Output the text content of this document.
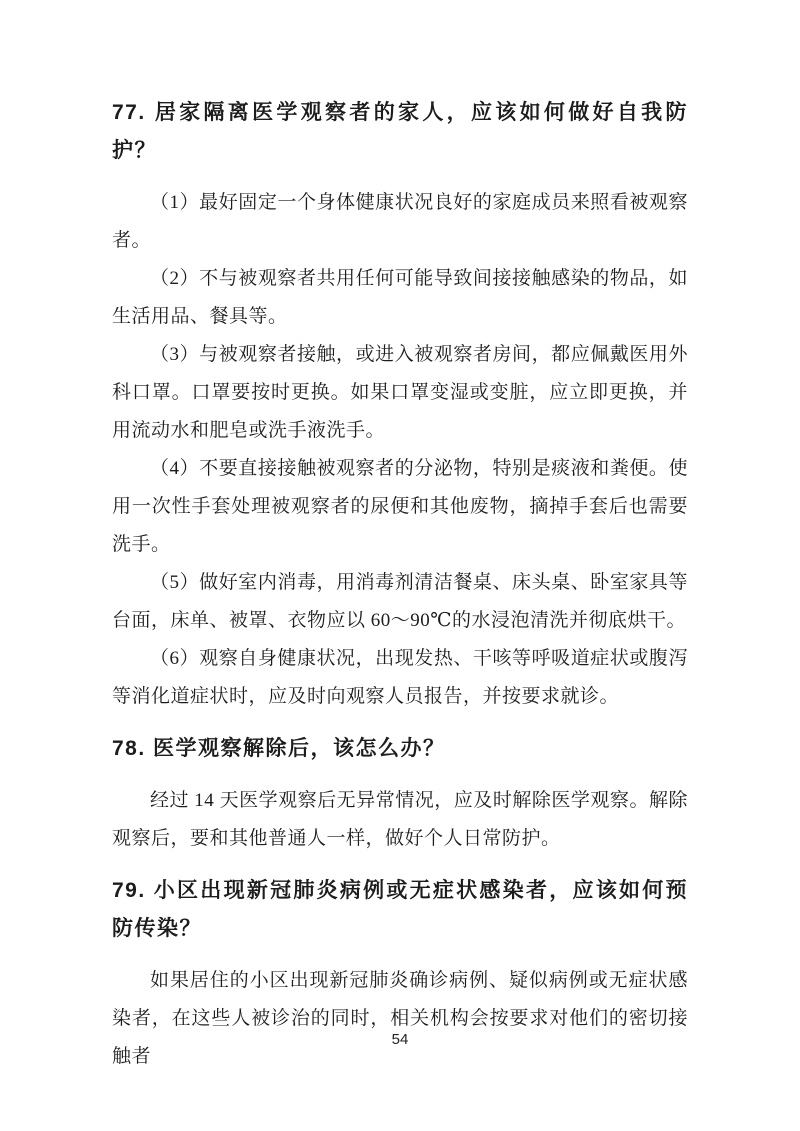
77. 居家隔离医学观察者的家人，应该如何做好自我防护？

（1）最好固定一个身体健康状况良好的家庭成员来照看被观察者。

（2）不与被观察者共用任何可能导致间接接触感染的物品，如生活用品、餐具等。

（3）与被观察者接触，或进入被观察者房间，都应佩戴医用外科口罩。口罩要按时更换。如果口罩变湿或变脏，应立即更换，并用流动水和肥皂或洗手液洗手。

（4）不要直接接触被观察者的分泌物，特别是痰液和粪便。使用一次性手套处理被观察者的尿便和其他废物，摘掉手套后也需要洗手。

（5）做好室内消毒，用消毒剂清洁餐桌、床头桌、卧室家具等台面，床单、被罩、衣物应以 60～90℃的水浸泡清洗并彻底烘干。

（6）观察自身健康状况，出现发热、干咳等呼吸道症状或腹泻等消化道症状时，应及时向观察人员报告，并按要求就诊。

78. 医学观察解除后，该怎么办？

经过 14 天医学观察后无异常情况，应及时解除医学观察。解除观察后，要和其他普通人一样，做好个人日常防护。

79. 小区出现新冠肺炎病例或无症状感染者，应该如何预防传染？

如果居住的小区出现新冠肺炎确诊病例、疑似病例或无症状感染者，在这些人被诊治的同时，相关机构会按要求对他们的密切接触者

54
